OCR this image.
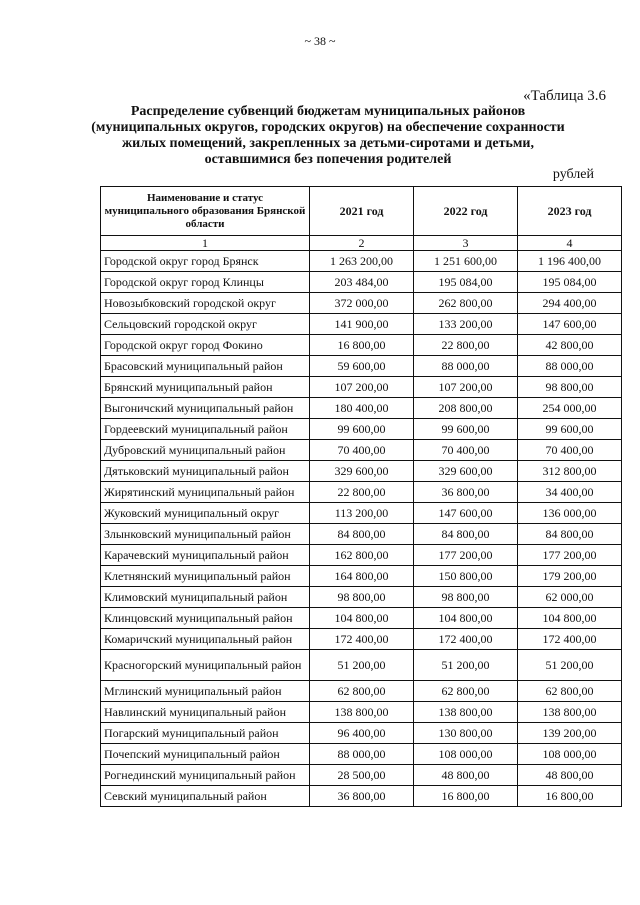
~ 38 ~
«Таблица 3.6
Распределение субвенций бюджетам муниципальных районов (муниципальных округов, городских округов) на обеспечение сохранности жилых помещений, закрепленных за детьми-сиротами и детьми, оставшимися без попечения родителей
рублей
Наименование и статус муниципального образования Брянской области	2021 год	2022 год	2023 год
1	2	3	4
Городской округ город Брянск	1 263 200,00	1 251 600,00	1 196 400,00
Городской округ город Клинцы	203 484,00	195 084,00	195 084,00
Новозыбковский городской округ	372 000,00	262 800,00	294 400,00
Сельцовский городской округ	141 900,00	133 200,00	147 600,00
Городской округ город Фокино	16 800,00	22 800,00	42 800,00
Брасовский муниципальный район	59 600,00	88 000,00	88 000,00
Брянский муниципальный район	107 200,00	107 200,00	98 800,00
Выгоничский муниципальный район	180 400,00	208 800,00	254 000,00
Гордеевский муниципальный район	99 600,00	99 600,00	99 600,00
Дубровский муниципальный район	70 400,00	70 400,00	70 400,00
Дятьковский муниципальный район	329 600,00	329 600,00	312 800,00
Жирятинский муниципальный район	22 800,00	36 800,00	34 400,00
Жуковский муниципальный округ	113 200,00	147 600,00	136 000,00
Злынковский муниципальный район	84 800,00	84 800,00	84 800,00
Карачевский муниципальный район	162 800,00	177 200,00	177 200,00
Клетнянский муниципальный район	164 800,00	150 800,00	179 200,00
Климовский муниципальный район	98 800,00	98 800,00	62 000,00
Клинцовский муниципальный район	104 800,00	104 800,00	104 800,00
Комаричский муниципальный район	172 400,00	172 400,00	172 400,00
Красногорский муниципальный район	51 200,00	51 200,00	51 200,00
Мглинский муниципальный район	62 800,00	62 800,00	62 800,00
Навлинский муниципальный район	138 800,00	138 800,00	138 800,00
Погарский муниципальный район	96 400,00	130 800,00	139 200,00
Почепский муниципальный район	88 000,00	108 000,00	108 000,00
Рогнединский муниципальный район	28 500,00	48 800,00	48 800,00
Севский муниципальный район	36 800,00	16 800,00	16 800,00
